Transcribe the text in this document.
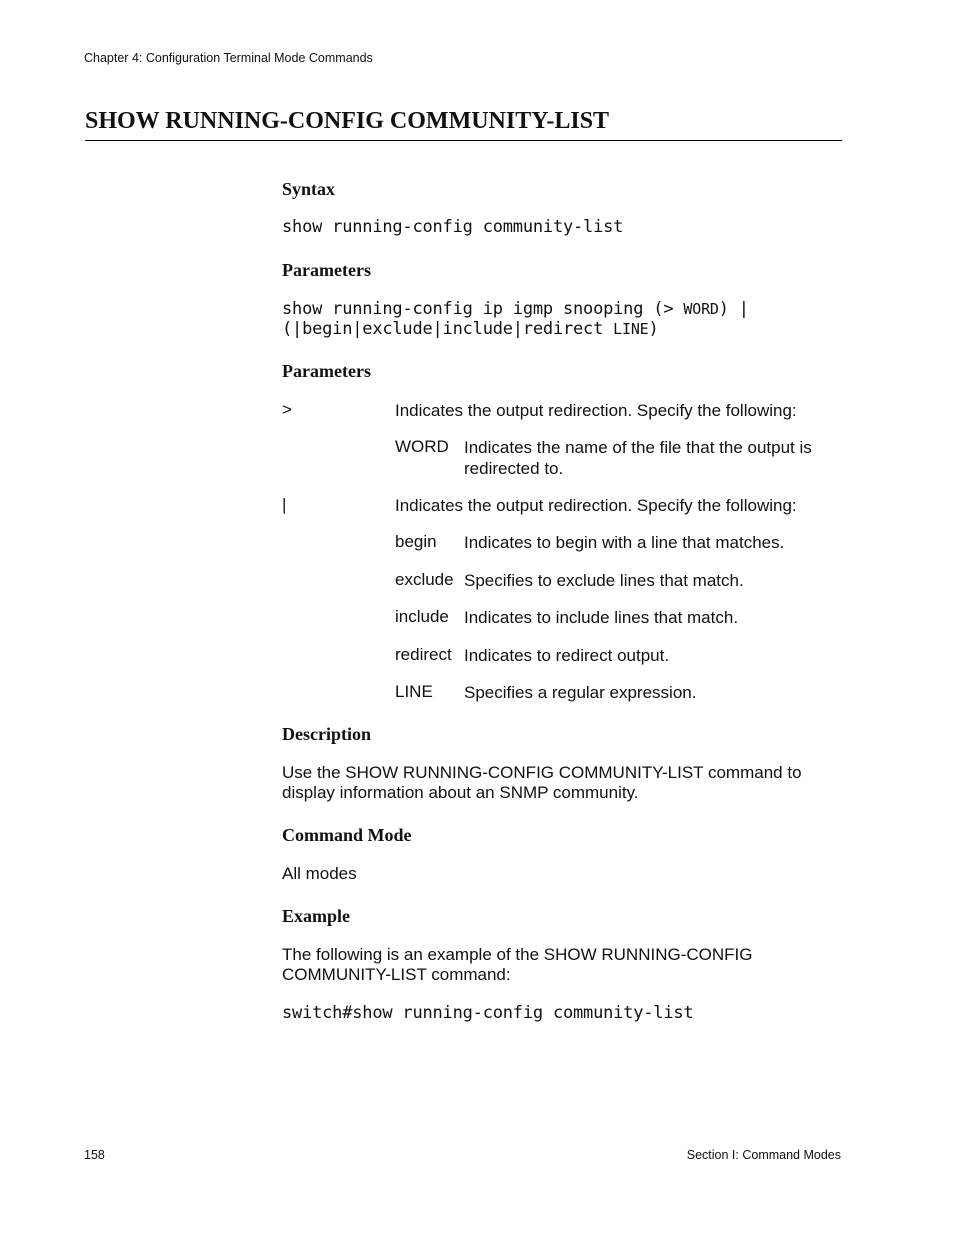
Chapter 4: Configuration Terminal Mode Commands
SHOW RUNNING-CONFIG COMMUNITY-LIST
Syntax
show running-config community-list
Parameters
show running-config ip igmp snooping (> WORD) |
(|begin|exclude|include|redirect LINE)
Parameters
>	Indicates the output redirection. Specify the following:
WORD Indicates the name of the file that the output is redirected to.
|	Indicates the output redirection. Specify the following:
begin Indicates to begin with a line that matches.
exclude Specifies to exclude lines that match.
include Indicates to include lines that match.
redirect Indicates to redirect output.
LINE Specifies a regular expression.
Description
Use the SHOW RUNNING-CONFIG COMMUNITY-LIST command to display information about an SNMP community.
Command Mode
All modes
Example
The following is an example of the SHOW RUNNING-CONFIG COMMUNITY-LIST command:
switch#show running-config community-list
158	Section I: Command Modes
